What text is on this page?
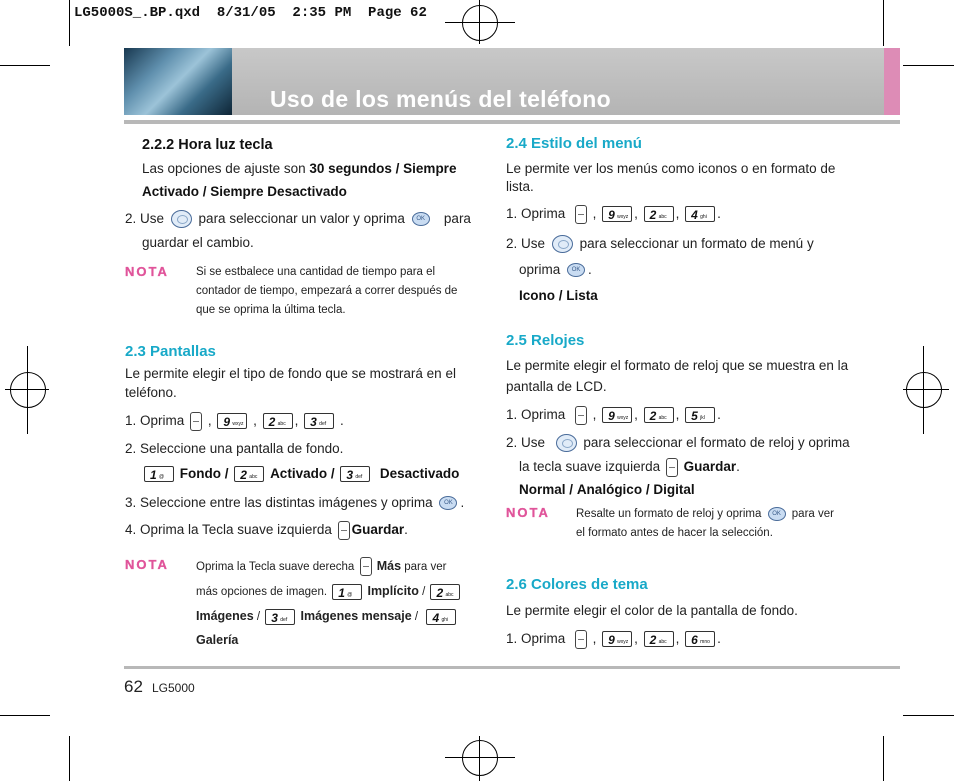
LG5000S_.BP.qxd  8/31/05  2:35 PM  Page 62
Uso de los menús del teléfono
2.2.2 Hora luz tecla
Las opciones de ajuste son 30 segundos / Siempre
Activado / Siempre Desactivado
2. Use  para seleccionar un valor y oprima OK para
guardar el cambio.
NOTA Si se estbalece una cantidad de tiempo para el
contador de tiempo, empezará a correr después de
que se oprima la última tecla.
2.3 Pantallas
Le permite elegir el tipo de fondo que se mostrará en el
teléfono.
1. Oprima , 9 wxyz , 2 abc , 3 def .
2. Seleccione una pantalla de fondo.
1 @ Fondo / 2 abc Activado / 3 def Desactivado
3. Seleccione entre las distintas imágenes y oprima OK .
4. Oprima la Tecla suave izquierda Guardar.
NOTA Oprima la Tecla suave derecha Más para ver
más opciones de imagen. 1 @ Implícito / 2 abc
Imágenes / 3 def Imágenes mensaje / 4 ghi
Galería
2.4 Estilo del menú
Le permite ver los menús como iconos o en formato de
lista.
1. Oprima , 9 wxyz , 2 abc , 4 ghi .
2. Use	para seleccionar un formato de menú y
oprima OK .
Icono / Lista
2.5 Relojes
Le permite elegir el formato de reloj que se muestra en la
pantalla de LCD.
1. Oprima , 9 wxyz , 2 abc , 5 jkl .
2. Use	para seleccionar el formato de reloj y oprima
la tecla suave izquierda Guardar.
Normal / Analógico / Digital
NOTA Resalte un formato de reloj y oprima OK para ver
el formato antes de hacer la selección.
2.6 Colores de tema
Le permite elegir el color de la pantalla de fondo.
1. Oprima , 9 wxyz , 2 abc , 6 mno .
62 LG5000
